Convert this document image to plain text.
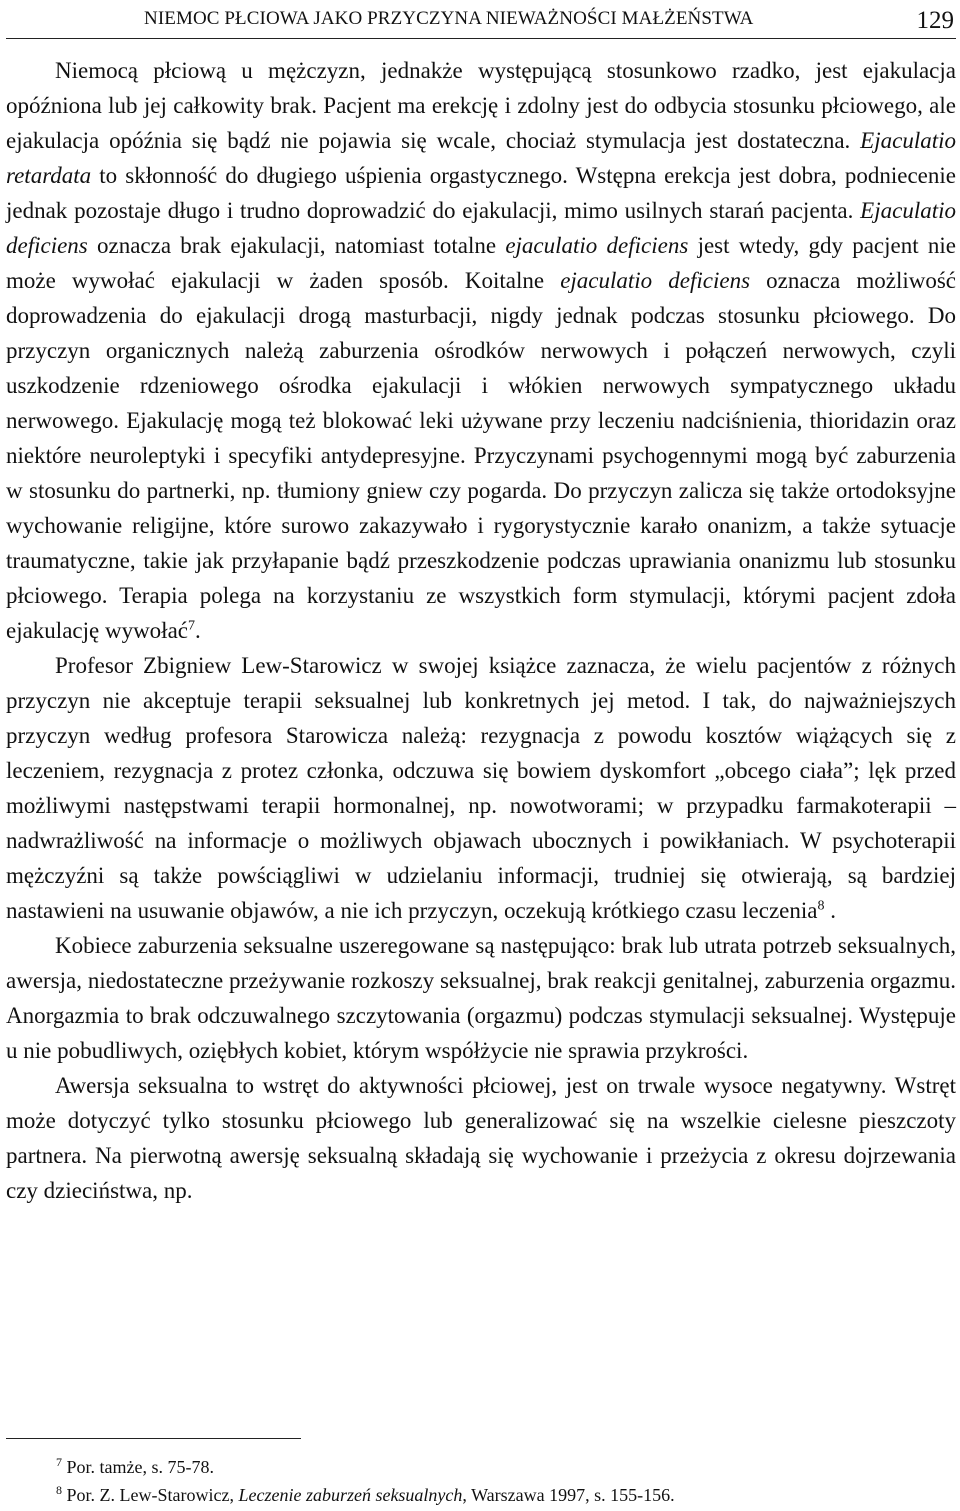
NIEMOC PŁCIOWA JAKO PRZYCZYNA NIEWAŻNOŚCI MAŁŻEŃSTWA	129

Niemocą płciową u mężczyzn, jednakże występującą stosunkowo rzadko, jest ejakulacja opóźniona lub jej całkowity brak. Pacjent ma erekcję i zdolny jest do odbycia stosunku płciowego, ale ejakulacja opóźnia się bądź nie pojawia się wcale, chociaż stymulacja jest dostateczna. Ejaculatio retardata to skłonność do długiego uśpienia orgastycznego. Wstępna erekcja jest dobra, podniecenie jednak pozostaje długo i trudno doprowadzić do ejakulacji, mimo usilnych starań pacjenta. Ejaculatio deficiens oznacza brak ejakulacji, natomiast totalne ejaculatio deficiens jest wtedy, gdy pacjent nie może wywołać ejakulacji w żaden sposób. Koitalne ejaculatio deficiens oznacza możliwość doprowadzenia do ejakulacji drogą masturbacji, nigdy jednak podczas stosunku płciowego. Do przyczyn organicznych należą zaburzenia ośrodków nerwowych i połączeń nerwowych, czyli uszkodzenie rdzeniowego ośrodka ejakulacji i włókien nerwowych sympatycznego układu nerwowego. Ejakulację mogą też blokować leki używane przy leczeniu nadciśnienia, thioridazin oraz niektóre neuroleptyki i specyfiki antydepresyjne. Przyczynami psychogennymi mogą być zaburzenia w stosunku do partnerki, np. tłumiony gniew czy pogarda. Do przyczyn zalicza się także ortodoksyjne wychowanie religijne, które surowo zakazywało i rygorystycznie karało onanizm, a także sytuacje traumatyczne, takie jak przyłapanie bądź przeszkodzenie podczas uprawiania onanizmu lub stosunku płciowego. Terapia polega na korzystaniu ze wszystkich form stymulacji, którymi pacjent zdoła ejakulację wywołać$^7$.

Profesor Zbigniew Lew-Starowicz w swojej książce zaznacza, że wielu pacjentów z różnych przyczyn nie akceptuje terapii seksualnej lub konkretnych jej metod. I tak, do najważniejszych przyczyn według profesora Starowicza należą: rezygnacja z powodu kosztów wiążących się z leczeniem, rezygnacja z protez członka, odczuwa się bowiem dyskomfort „obcego ciała”; lęk przed możliwymi następstwami terapii hormonalnej, np. nowotworami; w przypadku farmakoterapii – nadwrażliwość na informacje o możliwych objawach ubocznych i powikłaniach. W psychoterapii mężczyźni są także powściągliwi w udzielaniu informacji, trudniej się otwierają, są bardziej nastawieni na usuwanie objawów, a nie ich przyczyn, oczekują krótkiego czasu leczenia$^8$ .

Kobiece zaburzenia seksualne uszeregowane są następująco: brak lub utrata potrzeb seksualnych, awersja, niedostateczne przeżywanie rozkoszy seksualnej, brak reakcji genitalnej, zaburzenia orgazmu. Anorgazmia to brak odczuwalnego szczytowania (orgazmu) podczas stymulacji seksualnej. Występuje u nie pobudliwych, oziębłych kobiet, którym współżycie nie sprawia przykrości.

Awersja seksualna to wstręt do aktywności płciowej, jest on trwale wysoce negatywny. Wstręt może dotyczyć tylko stosunku płciowego lub generalizować się na wszelkie cielesne pieszczoty partnera. Na pierwotną awersję seksualną składają się wychowanie i przeżycia z okresu dojrzewania czy dzieciństwa, np.

$^7$ Por. tamże, s. 75-78.
$^8$ Por. Z. Lew-Starowicz, Leczenie zaburzeń seksualnych, Warszawa 1997, s. 155-156.
